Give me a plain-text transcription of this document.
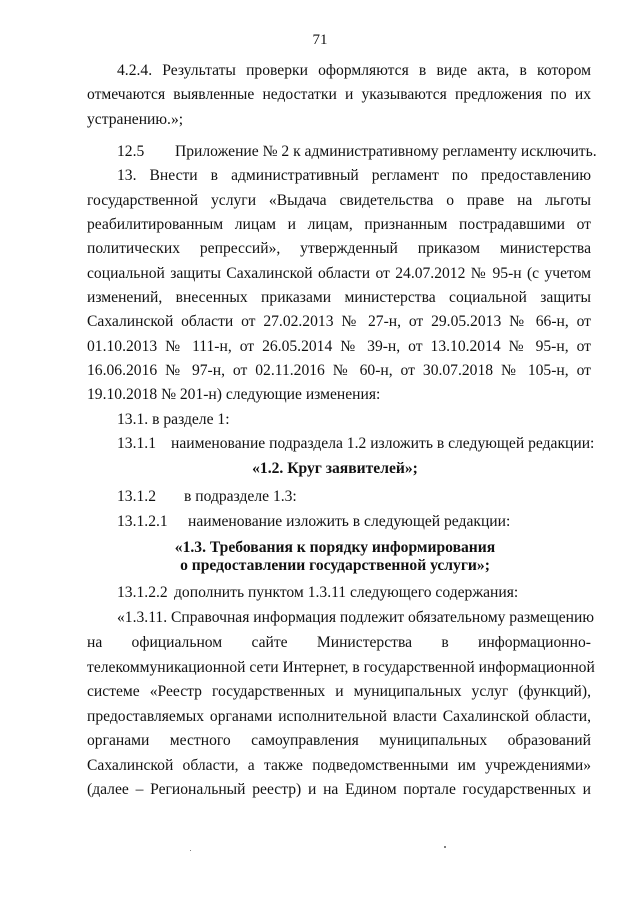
71
4.2.4. Результаты проверки оформляются в виде акта, в котором
отмечаются выявленные недостатки и указываются предложения по их
устранению.»;
12.5 Приложение № 2 к административному регламенту исключить.
13. Внести в административный регламент по предоставлению
государственной услуги «Выдача свидетельства о праве на льготы
реабилитированным лицам и лицам, признанным пострадавшими от
политических репрессий», утвержденный приказом министерства
социальной защиты Сахалинской области от 24.07.2012 № 95-н (с учетом
изменений, внесенных приказами министерства социальной защиты
Сахалинской области от 27.02.2013 № 27-н, от 29.05.2013 № 66-н, от
01.10.2013 № 111-н, от 26.05.2014 № 39-н, от 13.10.2014 № 95-н, от
16.06.2016 № 97-н, от 02.11.2016 № 60-н, от 30.07.2018 № 105-н, от
19.10.2018 № 201-н) следующие изменения:
13.1. в разделе 1:
13.1.1 наименование подраздела 1.2 изложить в следующей редакции:
«1.2. Круг заявителей»;
13.1.2 в подразделе 1.3:
13.1.2.1 наименование изложить в следующей редакции:
«1.3. Требования к порядку информирования
о предоставлении государственной услуги»;
13.1.2.2 дополнить пунктом 1.3.11 следующего содержания:
«1.3.11. Справочная информация подлежит обязательному размещению
на официальном сайте Министерства в информационно-
телекоммуникационной сети Интернет, в государственной информационной
системе «Реестр государственных и муниципальных услуг (функций),
предоставляемых органами исполнительной власти Сахалинской области,
органами местного самоуправления муниципальных образований
Сахалинской области, а также подведомственными им учреждениями»
(далее – Региональный реестр) и на Едином портале государственных и
